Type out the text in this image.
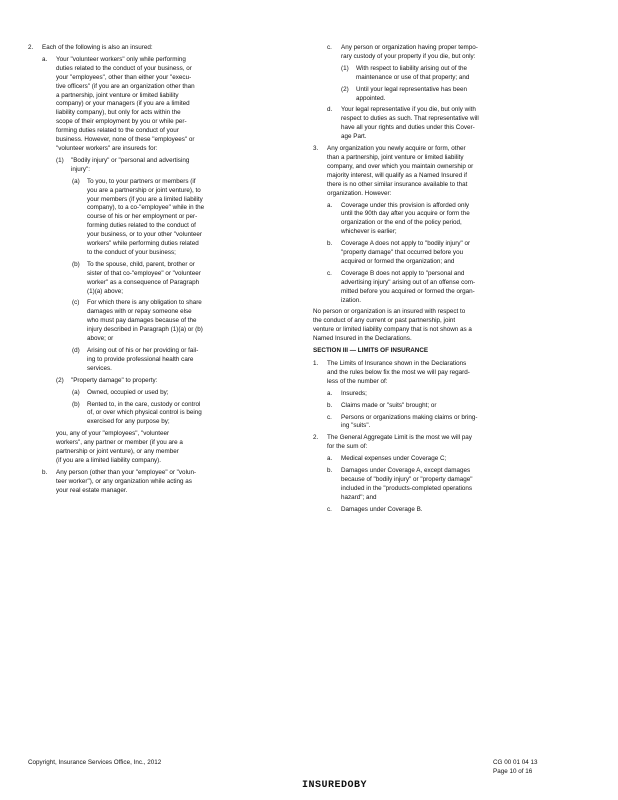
2. Each of the following is also an insured:
a. Your "volunteer workers" only while performing
duties related to the conduct of your business, or
your "employees", other than either your "execu-
tive officers" (if you are an organization other than
a partnership, joint venture or limited liability
company) or your managers (if you are a limited
liability company), but only for acts within the
scope of their employment by you or while per-
forming duties related to the conduct of your
business. However, none of these "employees" or
"volunteer workers" are insureds for:
(1) "Bodily injury" or "personal and advertising
injury":
(a) To you, to your partners or members (if
you are a partnership or joint venture), to
your members (if you are a limited liability
company), to a co-"employee" while in the
course of his or her employment or per-
forming duties related to the conduct of
your business, or to your other "volunteer
workers" while performing duties related
to the conduct of your business;
(b) To the spouse, child, parent, brother or
sister of that co-"employee" or "volunteer
worker" as a consequence of Paragraph
(1)(a) above;
(c) For which there is any obligation to share
damages with or repay someone else
who must pay damages because of the
injury described in Paragraph (1)(a) or (b)
above; or
(d) Arising out of his or her providing or fail-
ing to provide professional health care
services.
(2) "Property damage" to property:
(a) Owned, occupied or used by;
(b) Rented to, in the care, custody or control
of, or over which physical control is being
exercised for any purpose by;
you, any of your "employees", "volunteer
workers", any partner or member (if you are a
partnership or joint venture), or any member
(if you are a limited liability company).
b. Any person (other than your "employee" or "volun-
teer worker"), or any organization while acting as
your real estate manager.
c. Any person or organization having proper tempo-
rary custody of your property if you die, but only:
(1) With respect to liability arising out of the
maintenance or use of that property; and
(2) Until your legal representative has been
appointed.
d. Your legal representative if you die, but only with
respect to duties as such. That representative will
have all your rights and duties under this Cover-
age Part.
3. Any organization you newly acquire or form, other
than a partnership, joint venture or limited liability
company, and over which you maintain ownership or
majority interest, will qualify as a Named Insured if
there is no other similar insurance available to that
organization. However:
a. Coverage under this provision is afforded only
until the 90th day after you acquire or form the
organization or the end of the policy period,
whichever is earlier;
b. Coverage A does not apply to "bodily injury" or
"property damage" that occurred before you
acquired or formed the organization; and
c. Coverage B does not apply to "personal and
advertising injury" arising out of an offense com-
mitted before you acquired or formed the organ-
ization.
No person or organization is an insured with respect to
the conduct of any current or past partnership, joint
venture or limited liability company that is not shown as a
Named Insured in the Declarations.
SECTION III — LIMITS OF INSURANCE
1. The Limits of Insurance shown in the Declarations
and the rules below fix the most we will pay regard-
less of the number of:
a. Insureds;
b. Claims made or "suits" brought; or
c. Persons or organizations making claims or bring-
ing "suits".
2. The General Aggregate Limit is the most we will pay
for the sum of:
a. Medical expenses under Coverage C;
b. Damages under Coverage A, except damages
because of "bodily injury" or "property damage"
included in the "products-completed operations
hazard"; and
c. Damages under Coverage B.
Copyright, Insurance Services Office, Inc., 2012	CG 00 01 04 13
Page 10 of 16
INSUREDOBY
